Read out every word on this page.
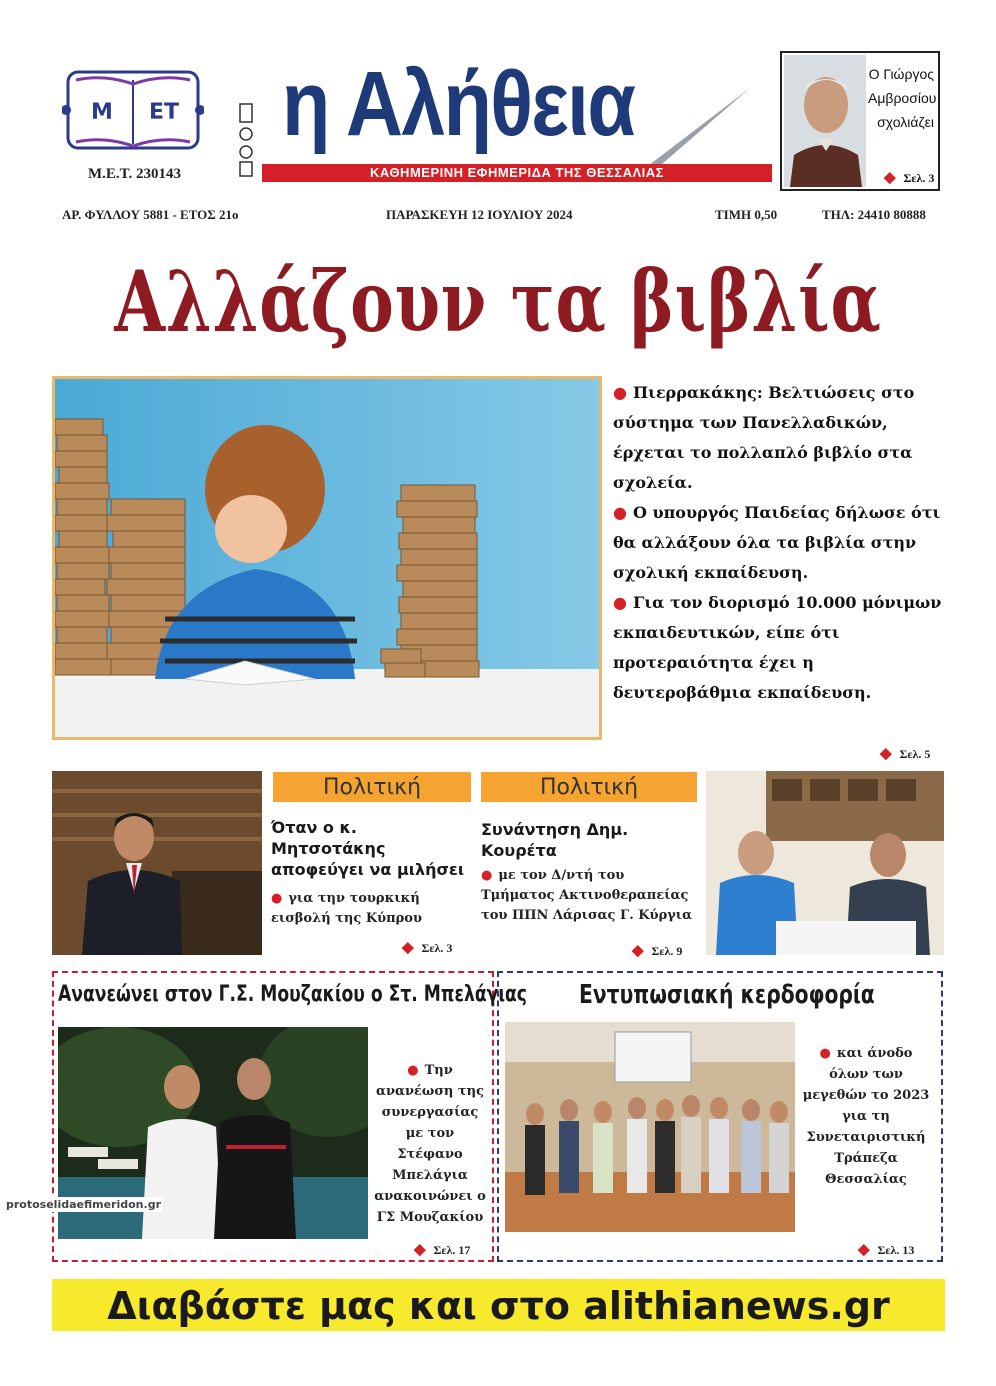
Μ ΕΤ
Μ.Ε.Τ. 230143
η Αλήθεια
ΚΑΘΗΜΕΡΙΝΗ ΕΦΗΜΕΡΙΔΑ ΤΗΣ ΘΕΣΣΑΛΙΑΣ
Ο Γιώργος
Αμβροσίου
σχολιάζει
◆ Σελ. 3
ΑΡ. ΦΥΛΛΟΥ 5881 - ΕΤΟΣ 21ο	ΠΑΡΑΣΚΕΥΗ 12 ΙΟΥΛΙΟΥ 2024	ΤΙΜΗ 0,50	ΤΗΛ: 24410 80888
Αλλάζουν τα βιβλία

● Πιερρακάκης: Βελτιώσεις στο σύστημα των Πανελλαδικών, έρχεται το πολλαπλό βιβλίο στα σχολεία.

● Ο υπουργός Παιδείας δήλωσε ότι θα αλλάξουν όλα τα βιβλία στην σχολική εκπαίδευση.

● Για τον διορισμό 10.000 μόνιμων εκπαιδευτικών, είπε ότι προτεραιότητα έχει η δευτεροβάθμια εκπαίδευση.

◆ Σελ. 5
Πολιτική
Όταν ο κ. Μητσοτάκης αποφεύγει να μιλήσει
● για την τουρκική εισβολή της Κύπρου
◆ Σελ. 3
Πολιτική
Συνάντηση Δημ. Κουρέτα
● με τον Δ/ντή του Τμήματος Ακτινοθεραπείας του ΠΠΝ Λάρισας Γ. Κύργια
◆ Σελ. 9
Ανανεώνει στον Γ.Σ. Μουζακίου ο Στ. Μπελάγιας
● Την ανανέωση της συνεργασίας με τον Στέφανο Μπελάγια ανακοινώνει ο ΓΣ Μουζακίου
◆ Σελ. 17
Εντυπωσιακή κερδοφορία
● και άνοδο όλων των μεγεθών το 2023 για τη Συνεταιριστική Τράπεζα Θεσσαλίας
◆ Σελ. 13
protoselidaefimeridon.gr
Διαβάστε μας και στο alithianews.gr
